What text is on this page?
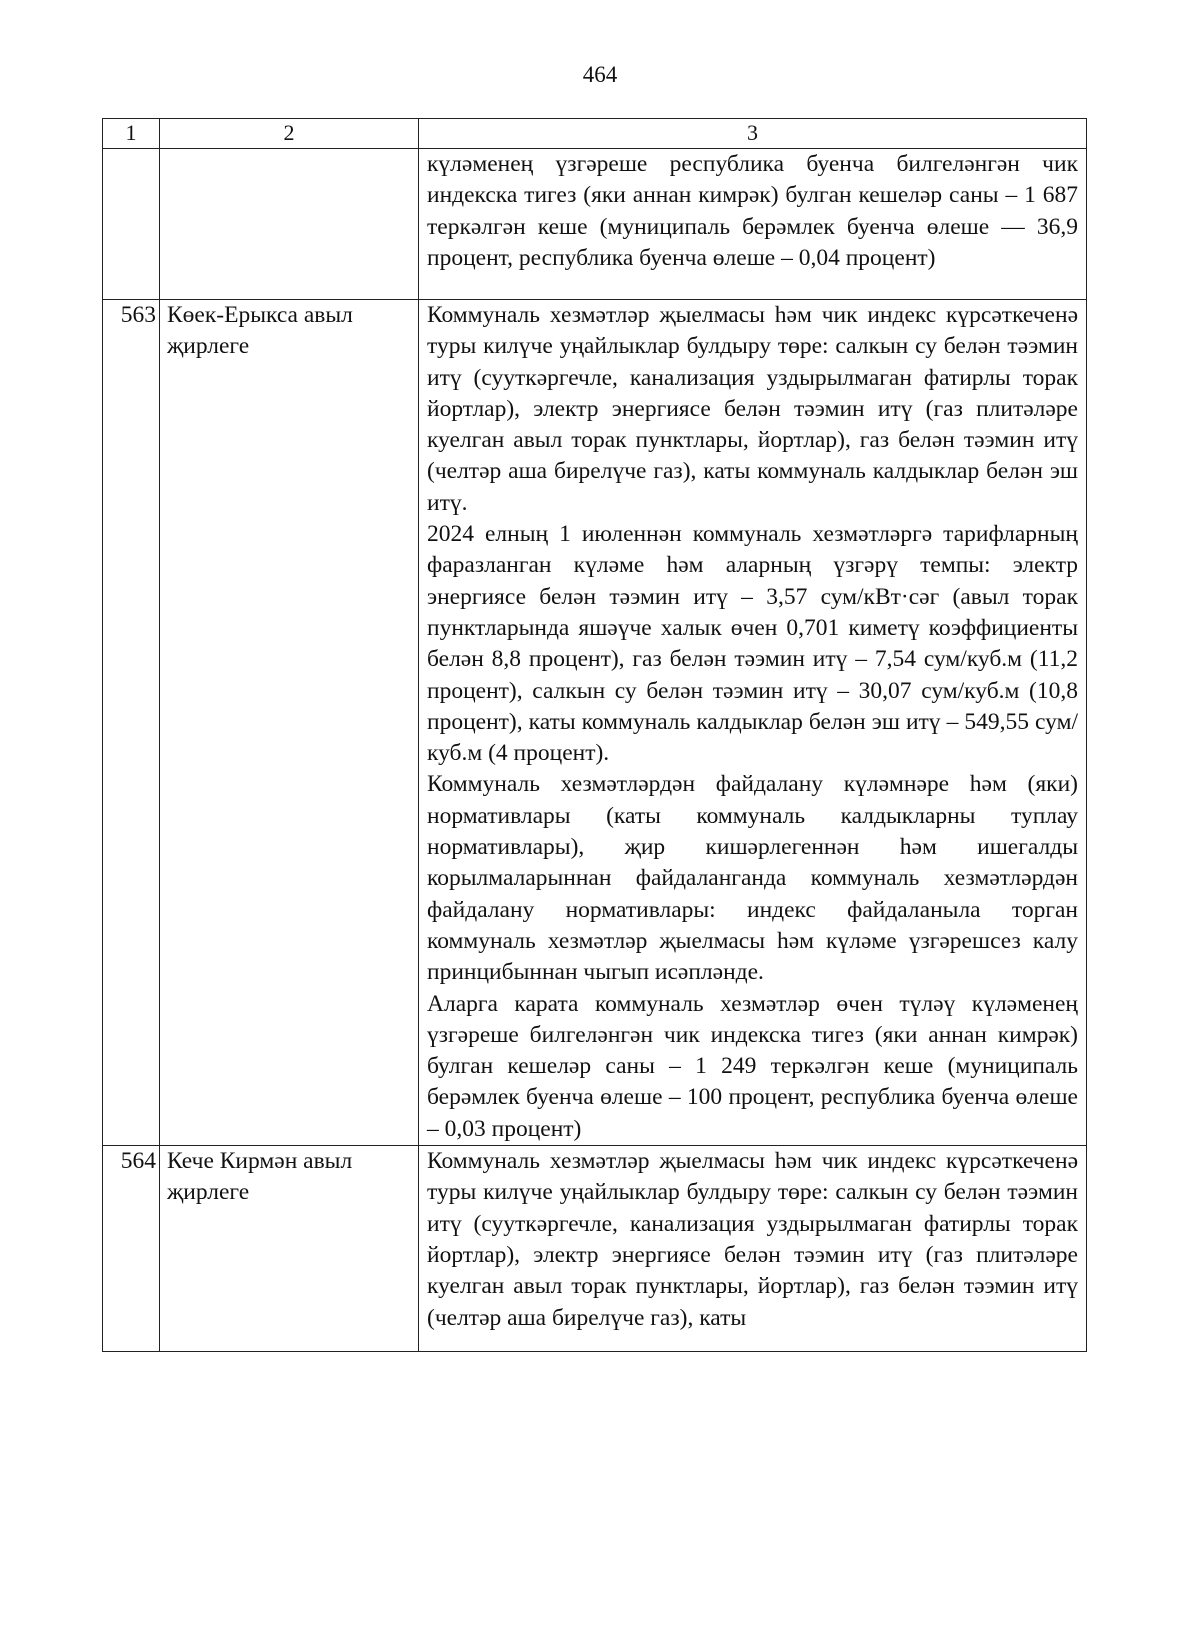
464
1	2	3

		күләменең үзгәреше республика буенча билгеләнгән чик индекска тигез (яки аннан кимрәк) булган кешеләр саны – 1 687 теркәлгән кеше (муниципаль берәмлек буенча өлеше — 36,9 процент, республика буенча өлеше – 0,04 процент)

563	Көек-Ерыкса авыл җирлеге	Коммуналь хезмәтләр җыелмасы һәм чик индекс күрсәткеченә туры килүче уңайлыклар булдыру төре: салкын су белән тәэмин итү (сууткәргечле, канализация уздырылмаган фатирлы торак йортлар), электр энергиясе белән тәэмин итү (газ плитәләре куелган авыл торак пунктлары, йортлар), газ белән тәэмин итү (челтәр аша бирелүче газ), каты коммуналь калдыклар белән эш итү.

2024 елның 1 июленнән коммуналь хезмәтләргә тарифларның фаразланган күләме һәм аларның үзгәрү темпы: электр энергиясе белән тәэмин итү – 3,57 сум/кВт·сәг (авыл торак пунктларында яшәүче халык өчен 0,701 киметү коэффициенты белән 8,8 процент), газ белән тәэмин итү – 7,54 сум/куб.м (11,2 процент), салкын су белән тәэмин итү – 30,07 сум/куб.м (10,8 процент), каты коммуналь калдыклар белән эш итү – 549,55 сум/куб.м (4 процент).

Коммуналь хезмәтләрдән файдалану күләмнәре һәм (яки) нормативлары (каты коммуналь калдыкларны туплау нормативлары), җир кишәрлегеннән һәм ишегалды корылмаларыннан файдаланганда коммуналь хезмәтләрдән файдалану нормативлары: индекс файдаланыла торган коммуналь хезмәтләр җыелмасы һәм күләме үзгәрешсез калу принцибыннан чыгып исәпләнде.

Аларга карата коммуналь хезмәтләр өчен түләү күләменең үзгәреше билгеләнгән чик индекска тигез (яки аннан кимрәк) булган кешеләр саны – 1 249 теркәлгән кеше (муниципаль берәмлек буенча өлеше – 100 процент, республика буенча өлеше – 0,03 процент)

564	Кече Кирмән авыл җирлеге	Коммуналь хезмәтләр җыелмасы һәм чик индекс күрсәткеченә туры килүче уңайлыклар булдыру төре: салкын су белән тәэмин итү (сууткәргечле, канализация уздырылмаган фатирлы торак йортлар), электр энергиясе белән тәэмин итү (газ плитәләре куелган авыл торак пунктлары, йортлар), газ белән тәэмин итү (челтәр аша бирелүче газ), каты
